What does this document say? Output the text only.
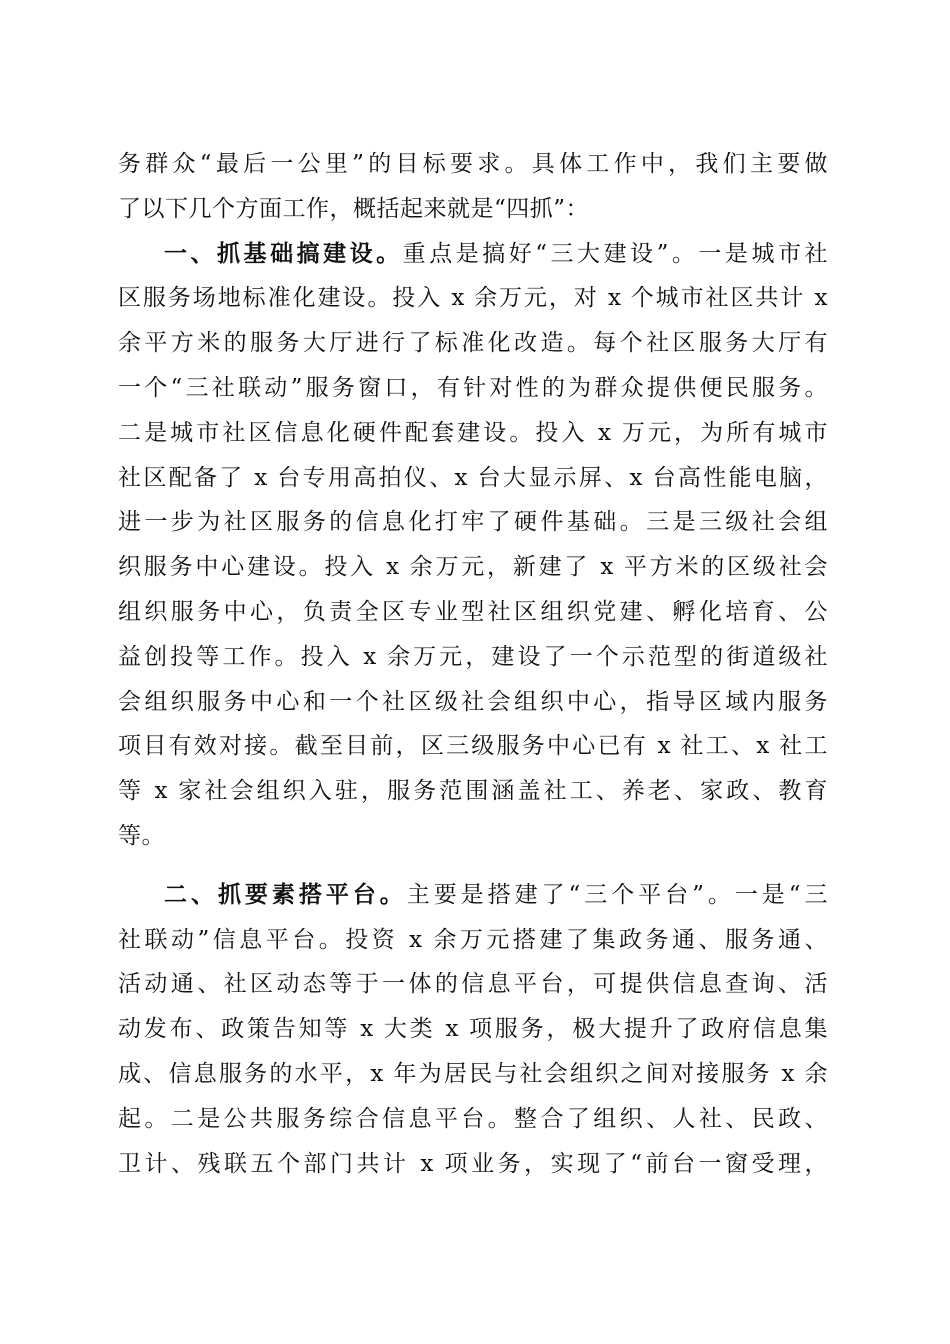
务群众“最后一公里”的目标要求。具体工作中，我们主要做
了以下几个方面工作，概括起来就是“四抓”：
一、抓基础搞建设。重点是搞好“三大建设”。一是城市社
区服务场地标准化建设。投入 x 余万元，对 x 个城市社区共计 x
余平方米的服务大厅进行了标准化改造。每个社区服务大厅有
一个“三社联动”服务窗口，有针对性的为群众提供便民服务。
二是城市社区信息化硬件配套建设。投入 x 万元，为所有城市
社区配备了 x 台专用高拍仪、x 台大显示屏、x 台高性能电脑，
进一步为社区服务的信息化打牢了硬件基础。三是三级社会组
织服务中心建设。投入 x 余万元，新建了 x 平方米的区级社会
组织服务中心，负责全区专业型社区组织党建、孵化培育、公
益创投等工作。投入 x 余万元，建设了一个示范型的街道级社
会组织服务中心和一个社区级社会组织中心，指导区域内服务
项目有效对接。截至目前，区三级服务中心已有 x 社工、x 社工
等 x 家社会组织入驻，服务范围涵盖社工、养老、家政、教育
等。
二、抓要素搭平台。主要是搭建了“三个平台”。一是“三
社联动”信息平台。投资 x 余万元搭建了集政务通、服务通、
活动通、社区动态等于一体的信息平台，可提供信息查询、活
动发布、政策告知等 x 大类 x 项服务，极大提升了政府信息集
成、信息服务的水平，x 年为居民与社会组织之间对接服务 x 余
起。二是公共服务综合信息平台。整合了组织、人社、民政、
卫计、残联五个部门共计 x 项业务，实现了“前台一窗受理，
